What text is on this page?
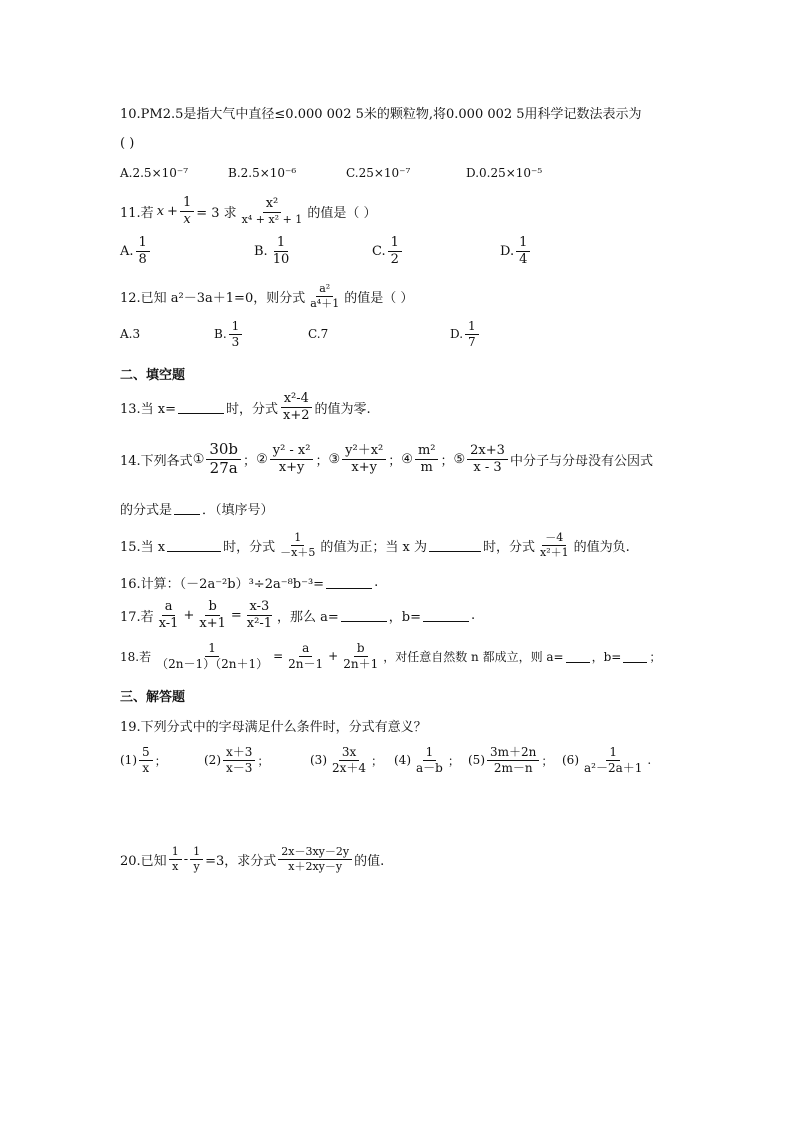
10.PM2.5是指大气中直径≤0.000 002 5米的颗粒物,将0.000 002 5用科学记数法表示为
( )
A.2.5×10⁻⁷	B.2.5×10⁻⁶	C.25×10⁻⁷	D.0.25×10⁻⁵
11.若 $x + \frac{1}{x} = 3$ 求 $\frac{\text{x²}}{\text{x⁴ + x² + 1}}$ 的值是（ ）
A. $\frac{1}{8}$	B. $\frac{1}{10}$	C. $\frac{1}{2}$	D. $\frac{1}{4}$
12.已知 a²－3a＋1=0，则分式 $\frac{\text{a²}}{\text{a⁴＋1}}$ 的值是（ ）
A.3	B. $\frac{1}{3}$	C.7	D. $\frac{1}{7}$
二、填空题
13.当 x=	时，分式 $\frac{\text{x²-4}}{x+2}$ 的值为零.
14.下列各式 ① $\frac{30b}{27a}$ ； ② $\frac{\text{y² - x²}}{x+y}$ ； ③ $\frac{\text{y²＋x²}}{x+y}$ ； ④ $\frac{\text{m²}}{m}$ ； ⑤ $\frac{2x+3}{x - 3}$ 中分子与分母没有公因式
的分式是 ．（填序号）
15.当 x	时，分式 $\frac{1}{-x+5}$ 的值为正；当 x 为	时，分式 $\frac{-4}{\text{x²＋1}}$ 的值为负.
16.计算：（－2a⁻²b）³÷2a⁻⁸b⁻³=	.
17.若 $\frac{a}{x-1} + \frac{b}{x+1} = \frac{x-3}{\text{x²-1}}$ ，那么 a=	，b=	.
18.若 $\frac{1}{(2n-1)(2n+1)} = \frac{a}{2n-1} + \frac{b}{2n+1}$ ，对任意自然数 n 都成立，则 a= ，b= ；
三、解答题
19.下列分式中的字母满足什么条件时，分式有意义？
$(1) \frac{5}{x}$ ；	$(2) \frac{x+3}{x-3}$ ；	$(3) \frac{3x}{2x+4}$ ； $(4) \frac{1}{a-b}$ ； $(5) \frac{3m+2n}{2m-n}$ ； $(6) \frac{1}{\text{a²－2a＋1}}$ .
20.已知 $\frac{1}{x} - \frac{1}{y} =3$，求分式 $\frac{2x-3xy-2y}{x+2xy-y}$ 的值.
